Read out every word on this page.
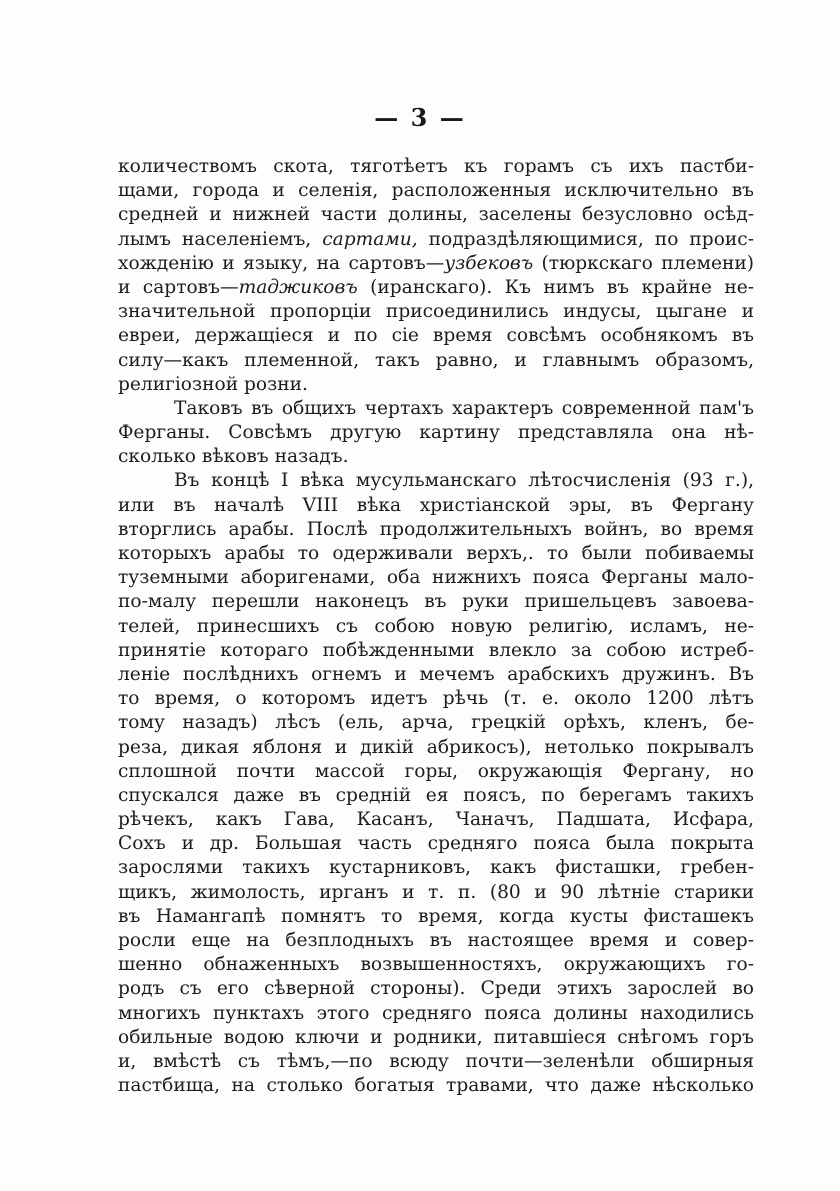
— 3 —
количествомъ скота, тяготѣетъ къ горамъ съ ихъ пастби-
щами, города и селенія, расположенныя исключительно въ
средней и нижней части долины, заселены безусловно осѣд-
лымъ населеніемъ, сартами, подраздѣляющимися, по проис-
хожденію и языку, на сартовъ—узбековъ (тюркскаго племени)
и сартовъ—таджиковъ (иранскаго). Къ нимъ въ крайне не-
значительной пропорціи присоединились индусы, цыгане и
евреи, держащіеся и по сіе время совсѣмъ особнякомъ въ
силу—какъ племенной, такъ равно, и главнымъ образомъ,
религіозной розни.
Таковъ въ общихъ чертахъ характеръ современной пам'ъ
Ферганы. Совсѣмъ другую картину представляла она нѣ-
сколько вѣковъ назадъ.
Въ концѣ I вѣка мусульманскаго лѣтосчисленія (93 г.),
или въ началѣ VIII вѣка христіанской эры, въ Фергану
вторглись арабы. Послѣ продолжительныхъ войнъ, во время
которыхъ арабы то одерживали верхъ,. то были побиваемы
туземными аборигенами, оба нижнихъ пояса Ферганы мало-
по-малу перешли наконецъ въ руки пришельцевъ завоева-
телей, принесшихъ съ собою новую религію, исламъ, не-
принятіе котораго побѣжденными влекло за собою истреб-
леніе послѣднихъ огнемъ и мечемъ арабскихъ дружинъ. Въ
то время, о которомъ идетъ рѣчь (т. е. около 1200 лѣтъ
тому назадъ) лѣсъ (ель, арча, грецкій орѣхъ, кленъ, бе-
реза, дикая яблоня и дикій абрикосъ), нетолько покрывалъ
сплошной почти массой горы, окружающія Фергану, но
спускался даже въ средній ея поясъ, по берегамъ такихъ
рѣчекъ, какъ Гава, Касанъ, Чаначъ, Падшата, Исфара,
Сохъ и др. Большая часть средняго пояса была покрыта
зарослями такихъ кустарниковъ, какъ фисташки, гребен-
щикъ, жимолость, ирганъ и т. п. (80 и 90 лѣтніе старики
въ Намангапѣ помнятъ то время, когда кусты фисташекъ
росли еще на безплодныхъ въ настоящее время и совер-
шенно обнаженныхъ возвышенностяхъ, окружающихъ го-
родъ съ его сѣверной стороны). Среди этихъ зарослей во
многихъ пунктахъ этого средняго пояса долины находились
обильные водою ключи и родники, питавшіеся снѣгомъ горъ
и, вмѣстѣ съ тѣмъ,—по всюду почти—зеленѣли обширныя
пастбища, на столько богатыя травами, что даже нѣсколько
